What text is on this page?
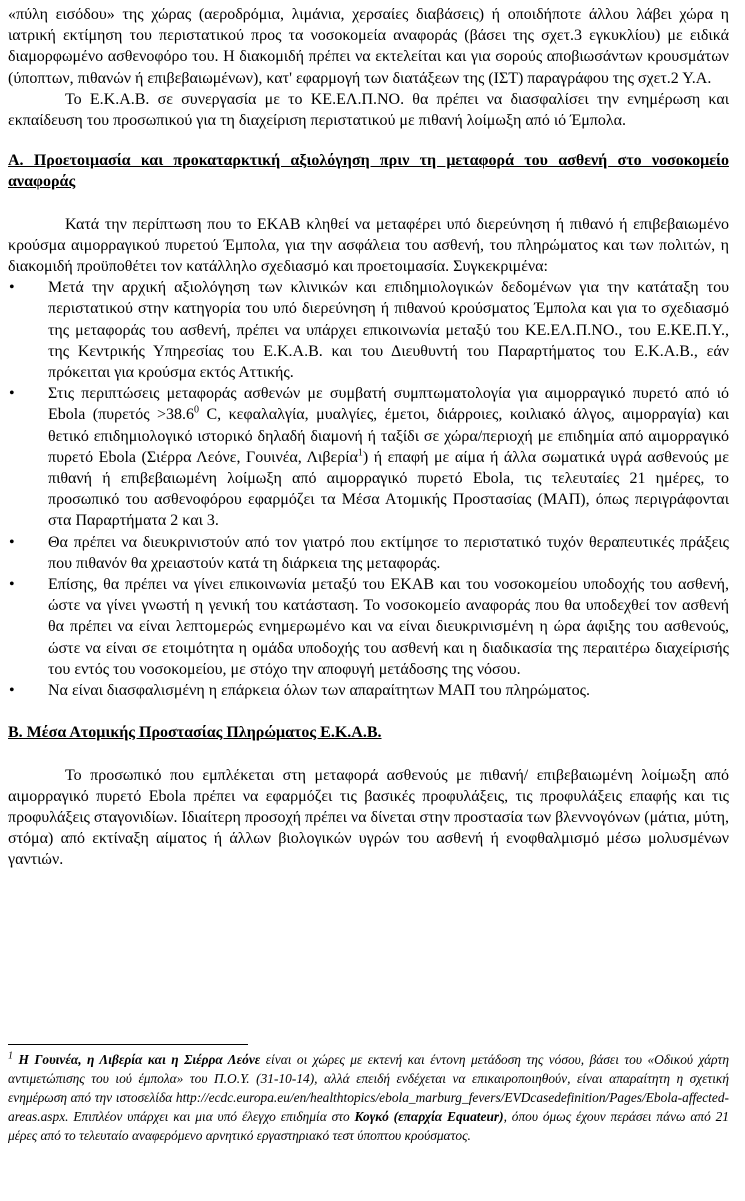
«πύλη εισόδου» της χώρας (αεροδρόμια, λιμάνια, χερσαίες διαβάσεις) ή οποιδήποτε άλλου λάβει χώρα η ιατρική εκτίμηση του περιστατικού προς τα νοσοκομεία αναφοράς (βάσει της σχετ.3 εγκυκλίου) με ειδικά διαμορφωμένο ασθενοφόρο του. Η διακομιδή πρέπει να εκτελείται και για σορούς αποβιωσάντων κρουσμάτων (ύποπτων, πιθανών ή επιβεβαιωμένων), κατ' εφαρμογή των διατάξεων της (ΙΣΤ) παραγράφου της σχετ.2 Υ.Α.

Το Ε.Κ.Α.Β. σε συνεργασία με το ΚΕ.ΕΛ.Π.ΝΟ. θα πρέπει να διασφαλίσει την ενημέρωση και εκπαίδευση του προσωπικού για τη διαχείριση περιστατικού με πιθανή λοίμωξη από ιό Έμπολα.

Α. Προετοιμασία και προκαταρκτική αξιολόγηση πριν τη μεταφορά του ασθενή στο νοσοκομείο αναφοράς

Κατά την περίπτωση που το ΕΚΑΒ κληθεί να μεταφέρει υπό διερεύνηση ή πιθανό ή επιβεβαιωμένο κρούσμα αιμορραγικού πυρετού Έμπολα, για την ασφάλεια του ασθενή, του πληρώματος και των πολιτών, η διακομιδή προϋποθέτει τον κατάλληλο σχεδιασμό και προετοιμασία. Συγκεκριμένα:

• Μετά την αρχική αξιολόγηση των κλινικών και επιδημιολογικών δεδομένων για την κατάταξη του περιστατικού στην κατηγορία του υπό διερεύνηση ή πιθανού κρούσματος Έμπολα και για το σχεδιασμό της μεταφοράς του ασθενή, πρέπει να υπάρχει επικοινωνία μεταξύ του ΚΕ.ΕΛ.Π.ΝΟ., του Ε.ΚΕ.Π.Υ., της Κεντρικής Υπηρεσίας του Ε.Κ.Α.Β. και του Διευθυντή του Παραρτήματος του Ε.Κ.Α.Β., εάν πρόκειται για κρούσμα εκτός Αττικής.
• Στις περιπτώσεις μεταφοράς ασθενών με συμβατή συμπτωματολογία για αιμορραγικό πυρετό από ιό Ebola ($\pi\upsilon\rho\varepsilon\tau ό\varsigma >38.6^0$ C, κεφαλαλγία, μυαλγίες, έμετοι, διάρροιες, κοιλιακό άλγος, αιμορραγία) και θετικό επιδημιολογικό ιστορικό δηλαδή διαμονή ή ταξίδι σε χώρα/περιοχή με επιδημία από αιμορραγικό πυρετό Ebola (Σιέρρα Λεόνε, Γουινέα, Λιβερία$^1$) ή επαφή με αίμα ή άλλα σωματικά υγρά ασθενούς με πιθανή ή επιβεβαιωμένη λοίμωξη από αιμορραγικό πυρετό Ebola, τις τελευταίες 21 ημέρες, το προσωπικό του ασθενοφόρου εφαρμόζει τα Μέσα Ατομικής Προστασίας (ΜΑΠ), όπως περιγράφονται στα Παραρτήματα 2 και 3.
• Θα πρέπει να διευκρινιστούν από τον γιατρό που εκτίμησε το περιστατικό τυχόν θεραπευτικές πράξεις που πιθανόν θα χρειαστούν κατά τη διάρκεια της μεταφοράς.
• Επίσης, θα πρέπει να γίνει επικοινωνία μεταξύ του ΕΚΑΒ και του νοσοκομείου υποδοχής του ασθενή, ώστε να γίνει γνωστή η γενική του κατάσταση. Το νοσοκομείο αναφοράς που θα υποδεχθεί τον ασθενή θα πρέπει να είναι λεπτομερώς ενημερωμένο και να είναι διευκρινισμένη η ώρα άφιξης του ασθενούς, ώστε να είναι σε ετοιμότητα η ομάδα υποδοχής του ασθενή και η διαδικασία της περαιτέρω διαχείρισής του εντός του νοσοκομείου, με στόχο την αποφυγή μετάδοσης της νόσου.
• Να είναι διασφαλισμένη η επάρκεια όλων των απαραίτητων ΜΑΠ του πληρώματος.

Β. Μέσα Ατομικής Προστασίας Πληρώματος Ε.Κ.Α.Β.

Το προσωπικό που εμπλέκεται στη μεταφορά ασθενούς με πιθανή/ επιβεβαιωμένη λοίμωξη από αιμορραγικό πυρετό Ebola πρέπει να εφαρμόζει τις βασικές προφυλάξεις, τις προφυλάξεις επαφής και τις προφυλάξεις σταγονιδίων. Ιδιαίτερη προσοχή πρέπει να δίνεται στην προστασία των βλεννογόνων (μάτια, μύτη, στόμα) από εκτίναξη αίματος ή άλλων βιολογικών υγρών του ασθενή ή ενοφθαλμισμό μέσω μολυσμένων γαντιών.

$^1$ Η Γουινέα, η Λιβερία και η Σιέρρα Λεόνε είναι οι χώρες με εκτενή και έντονη μετάδοση της νόσου, βάσει του «Οδικού χάρτη αντιμετώπισης του ιού έμπολα» του Π.Ο.Υ. (31-10-14), αλλά επειδή ενδέχεται να επικαιροποιηθούν, είναι απαραίτητη η σχετική ενημέρωση από την ιστοσελίδα http://ecdc.europa.eu/en/healthtopics/ebola_marburg_fevers/EVDcasedefinition/Pages/Ebola-affected-areas.aspx. Επιπλέον υπάρχει και μια υπό έλεγχο επιδημία στο Κογκό (επαρχία Equateur), όπου όμως έχουν περάσει πάνω από 21 μέρες από το τελευταίο αναφερόμενο αρνητικό εργαστηριακό τεστ ύποπτου κρούσματος.
